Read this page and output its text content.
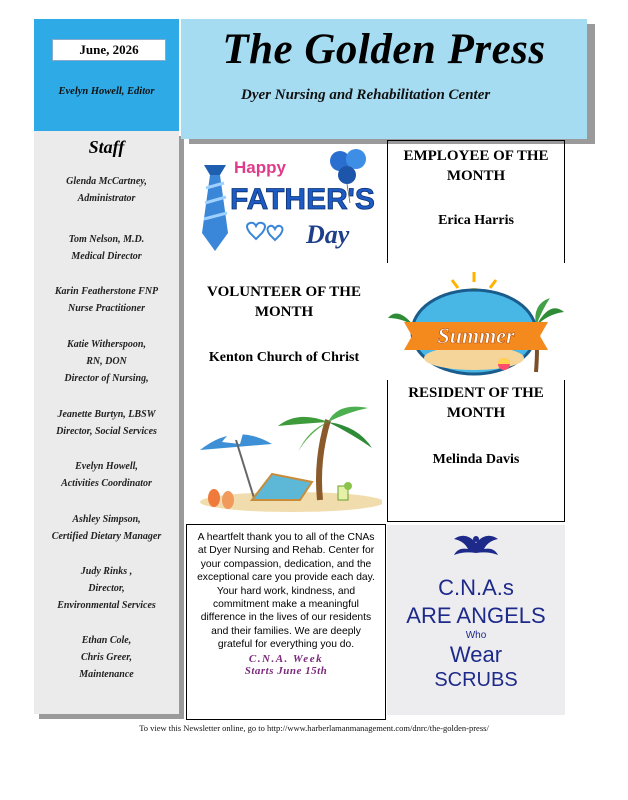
June, 2026
Evelyn Howell, Editor
Staff
Glenda McCartney,
Administrator
Tom Nelson, M.D.
Medical Director
Karin Featherstone FNP
Nurse Practitioner
Katie Witherspoon,
RN, DON
Director of Nursing,
Jeanette Burtyn, LBSW
Director, Social Services
Evelyn Howell,
Activities Coordinator
Ashley Simpson,
Certified Dietary Manager
Judy Rinks ,
Director,
Environmental Services
Ethan Cole,
Chris Greer,
Maintenance
The Golden Press
Dyer Nursing and Rehabilitation Center
Happy
FATHER'S
Day
VOLUNTEER OF THE MONTH
Kenton Church of Christ
A heartfelt thank you to all of the CNAs at Dyer Nursing and Rehab. Center for your compassion, dedication, and the exceptional care you provide each day. Your hard work, kindness, and commitment make a meaningful difference in the lives of our residents and their families. We are deeply grateful for everything you do.
C.N.A. Week
Starts June 15th
EMPLOYEE OF THE MONTH
Erica Harris
Summer
RESIDENT OF THE MONTH
Melinda Davis
C.N.A.s
ARE ANGELS
Who
Wear
SCRUBS
To view this Newsletter online, go to http://www.harberlamanmanagement.com/dnrc/the-golden-press/
